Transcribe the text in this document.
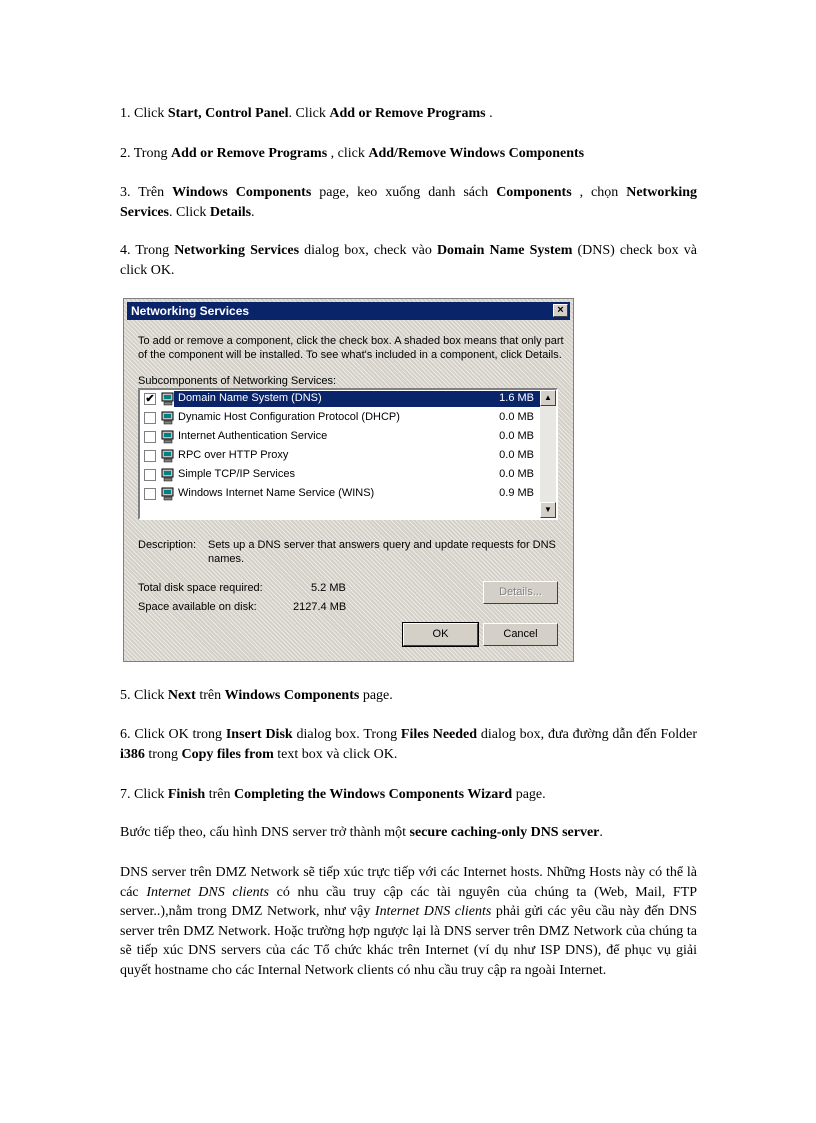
1. Click Start, Control Panel. Click Add or Remove Programs .

2. Trong Add or Remove Programs , click Add/Remove Windows Components

3. Trên Windows Components page, keo xuống danh sách Components , chọn Networking Services. Click Details.

4. Trong Networking Services dialog box, check vào Domain Name System (DNS) check box và click OK.

Networking Services	×
To add or remove a component, click the check box. A shaded box means that only part
of the component will be installed. To see what's included in a component, click Details.
Subcomponents of Networking Services:
✔ Domain Name System (DNS)	1.6 MB
Dynamic Host Configuration Protocol (DHCP)	0.0 MB
Internet Authentication Service	0.0 MB
RPC over HTTP Proxy	0.0 MB
Simple TCP/IP Services	0.0 MB
Windows Internet Name Service (WINS)	0.9 MB
▲
▼
Description: Sets up a DNS server that answers query and update requests for DNS
names.
Total disk space required:	5.2 MB
Space available on disk:	2127.4 MB
Details...
OK	Cancel

5. Click Next trên Windows Components page.

6. Click OK trong Insert Disk dialog box. Trong Files Needed dialog box, đưa đường dẫn đến Folder i386 trong Copy files from text box và click OK.

7. Click Finish trên Completing the Windows Components Wizard page.

Bước tiếp theo, cấu hình DNS server trở thành một secure caching-only DNS server.

DNS server trên DMZ Network sẽ tiếp xúc trực tiếp với các Internet hosts. Những Hosts này có thể là các Internet DNS clients có nhu cầu truy cập các tài nguyên của chúng ta (Web, Mail, FTP server..),nằm trong DMZ Network, như vậy Internet DNS clients phải gửi các yêu cầu này đến DNS server trên DMZ Network. Hoặc trường hợp ngược lại là DNS server trên DMZ Network của chúng ta sẽ tiếp xúc DNS servers của các Tổ chức khác trên Internet (ví dụ như ISP DNS), để phục vụ giải quyết hostname cho các Internal Network clients có nhu cầu truy cập ra ngoài Internet.
